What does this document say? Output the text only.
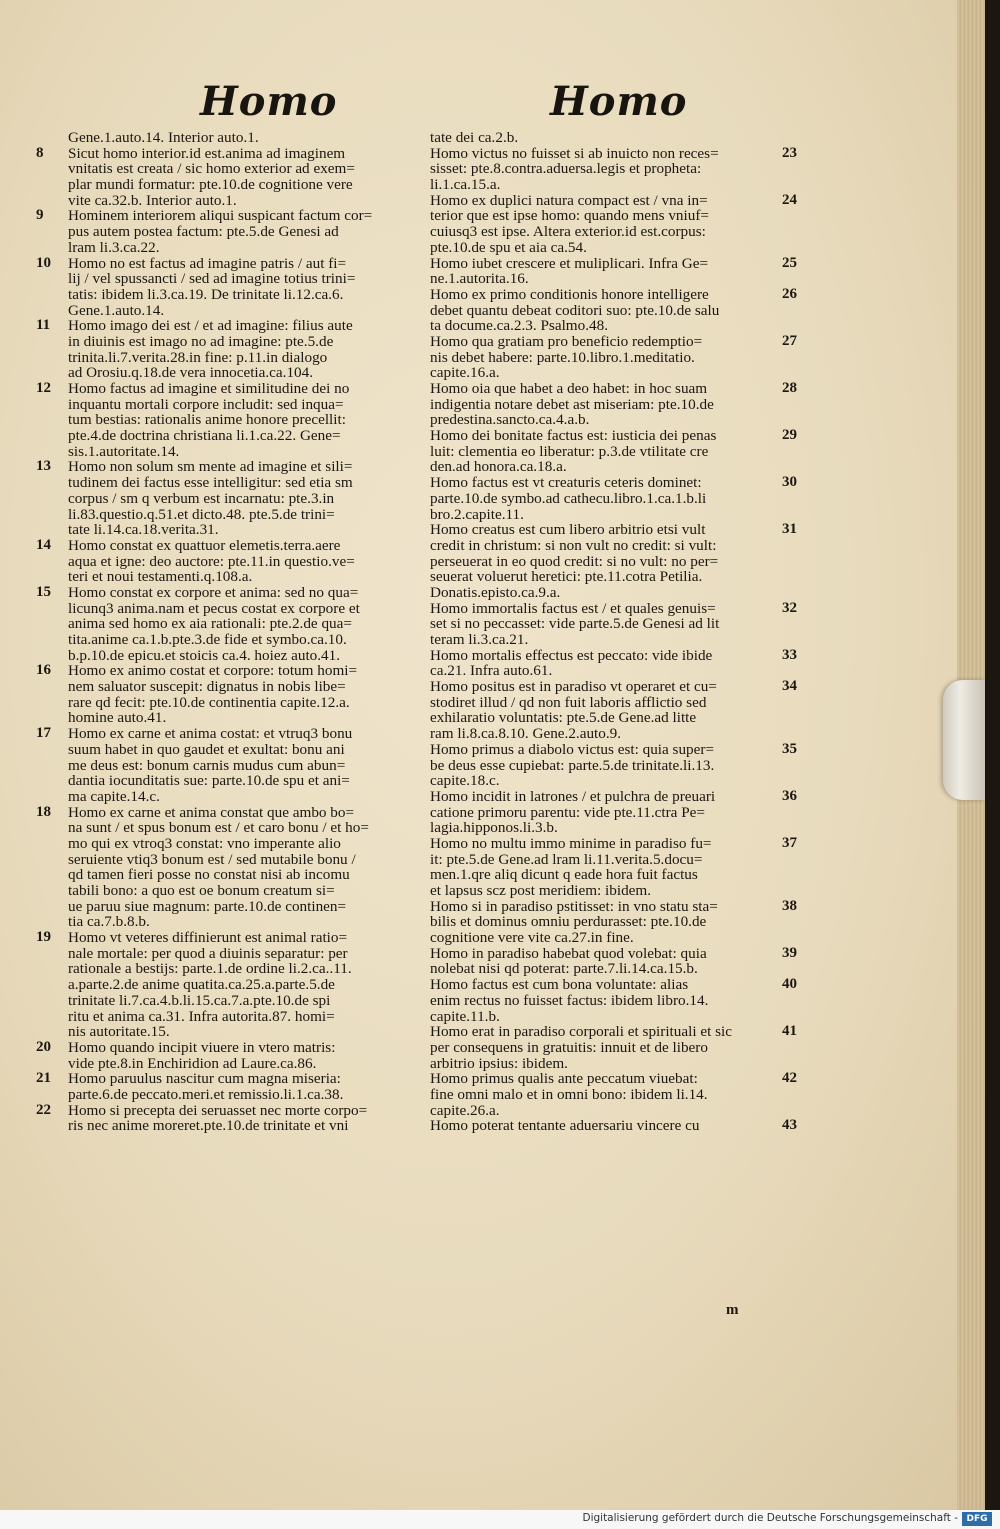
Homo	Homo
Gene.1.auto.14. Interior auto.1.
8 Sicut homo interior.id est.anima ad imaginem
vnitatis est creata / sic homo exterior ad exem=
plar mundi formatur: pte.10.de cognitione vere
vite ca.32.b. Interior auto.1.
9 Hominem interiorem aliqui suspicant factum cor=
pus autem postea factum: pte.5.de Genesi ad
lram li.3.ca.22.
10 Homo no est factus ad imagine patris / aut fi=
lij / vel spussancti / sed ad imagine totius trini=
tatis: ibidem li.3.ca.19. De trinitate li.12.ca.6.
Gene.1.auto.14.
11 Homo imago dei est / et ad imagine: filius aute
in diuinis est imago no ad imagine: pte.5.de
trinita.li.7.verita.28.in fine: p.11.in dialogo
ad Orosiu.q.18.de vera innocetia.ca.104.
12 Homo factus ad imagine et similitudine dei no
inquantu mortali corpore includit: sed inqua=
tum bestias: rationalis anime honore precellit:
pte.4.de doctrina christiana li.1.ca.22. Gene=
sis.1.autoritate.14.
13 Homo non solum sm mente ad imagine et sili=
tudinem dei factus esse intelligitur: sed etia sm
corpus / sm q verbum est incarnatu: pte.3.in
li.83.questio.q.51.et dicto.48. pte.5.de trini=
tate li.14.ca.18.verita.31.
14 Homo constat ex quattuor elemetis.terra.aere
aqua et igne: deo auctore: pte.11.in questio.ve=
teri et noui testamenti.q.108.a.
15 Homo constat ex corpore et anima: sed no qua=
licunq3 anima.nam et pecus costat ex corpore et
anima sed homo ex aia rationali: pte.2.de qua=
tita.anime ca.1.b.pte.3.de fide et symbo.ca.10.
b.p.10.de epicu.et stoicis ca.4. hoiez auto.41.
16 Homo ex animo costat et corpore: totum homi=
nem saluator suscepit: dignatus in nobis libe=
rare qd fecit: pte.10.de continentia capite.12.a.
homine auto.41.
17 Homo ex carne et anima costat: et vtruq3 bonu
suum habet in quo gaudet et exultat: bonu ani
me deus est: bonum carnis mudus cum abun=
dantia iocunditatis sue: parte.10.de spu et ani=
ma capite.14.c.
18 Homo ex carne et anima constat que ambo bo=
na sunt / et spus bonum est / et caro bonu / et ho=
mo qui ex vtroq3 constat: vno imperante alio
seruiente vtiq3 bonum est / sed mutabile bonu /
qd tamen fieri posse no constat nisi ab incomu
tabili bono: a quo est oe bonum creatum si=
ue paruu siue magnum: parte.10.de continen=
tia ca.7.b.8.b.
19 Homo vt veteres diffinierunt est animal ratio=
nale mortale: per quod a diuinis separatur: per
rationale a bestijs: parte.1.de ordine li.2.ca..11.
a.parte.2.de anime quatita.ca.25.a.parte.5.de
trinitate li.7.ca.4.b.li.15.ca.7.a.pte.10.de spi
ritu et anima ca.31. Infra autorita.87. homi=
nis autoritate.15.
20 Homo quando incipit viuere in vtero matris:
vide pte.8.in Enchiridion ad Laure.ca.86.
21 Homo paruulus nascitur cum magna miseria:
parte.6.de peccato.meri.et remissio.li.1.ca.38.
22 Homo si precepta dei seruasset nec morte corpo=
ris nec anime moreret.pte.10.de trinitate et vni
tate dei ca.2.b.
23
Homo victus no fuisset si ab inuicto non reces=
sisset: pte.8.contra.aduersa.legis et propheta:
li.1.ca.15.a.
24
Homo ex duplici natura compact est / vna in=
terior que est ipse homo: quando mens vniuf=
cuiusq3 est ipse. Altera exterior.id est.corpus:
pte.10.de spu et aia ca.54.
25
Homo iubet crescere et muliplicari. Infra Ge=
ne.1.autorita.16.
26
Homo ex primo conditionis honore intelligere
debet quantu debeat coditori suo: pte.10.de salu
ta docume.ca.2.3. Psalmo.48.
27
Homo qua gratiam pro beneficio redemptio=
nis debet habere: parte.10.libro.1.meditatio.
capite.16.a.
28
Homo oia que habet a deo habet: in hoc suam
indigentia notare debet ast miseriam: pte.10.de
predestina.sancto.ca.4.a.b.
29
Homo dei bonitate factus est: iusticia dei penas
luit: clementia eo liberatur: p.3.de vtilitate cre
den.ad honora.ca.18.a.
30
Homo factus est vt creaturis ceteris dominet:
parte.10.de symbo.ad cathecu.libro.1.ca.1.b.li
bro.2.capite.11.
31
Homo creatus est cum libero arbitrio etsi vult
credit in christum: si non vult no credit: si vult:
perseuerat in eo quod credit: si no vult: no per=
seuerat voluerut heretici: pte.11.cotra Petilia.
Donatis.episto.ca.9.a.
32
Homo immortalis factus est / et quales genuis=
set si no peccasset: vide parte.5.de Genesi ad lit
teram li.3.ca.21.
33
Homo mortalis effectus est peccato: vide ibide
ca.21. Infra auto.61.
34
Homo positus est in paradiso vt operaret et cu=
stodiret illud / qd non fuit laboris afflictio sed
exhilaratio voluntatis: pte.5.de Gene.ad litte
ram li.8.ca.8.10. Gene.2.auto.9.
35
Homo primus a diabolo victus est: quia super=
be deus esse cupiebat: parte.5.de trinitate.li.13.
capite.18.c.
36
Homo incidit in latrones / et pulchra de preuari
catione primoru parentu: vide pte.11.ctra Pe=
lagia.hipponos.li.3.b.
37
Homo no multu immo minime in paradiso fu=
it: pte.5.de Gene.ad lram li.11.verita.5.docu=
men.1.qre aliq dicunt q eade hora fuit factus
et lapsus scz post meridiem: ibidem.
38
Homo si in paradiso pstitisset: in vno statu sta=
bilis et dominus omniu perdurasset: pte.10.de
cognitione vere vite ca.27.in fine.
39
Homo in paradiso habebat quod volebat: quia
nolebat nisi qd poterat: parte.7.li.14.ca.15.b.
40
Homo factus est cum bona voluntate: alias
enim rectus no fuisset factus: ibidem libro.14.
capite.11.b.
41
Homo erat in paradiso corporali et spirituali et sic
per consequens in gratuitis: innuit et de libero
arbitrio ipsius: ibidem.
42
Homo primus qualis ante peccatum viuebat:
fine omni malo et in omni bono: ibidem li.14.
capite.26.a.
43
Homo poterat tentante aduersariu vincere cu
m
Digitalisierung gefördert durch die Deutsche Forschungsgemeinschaft - DFG
